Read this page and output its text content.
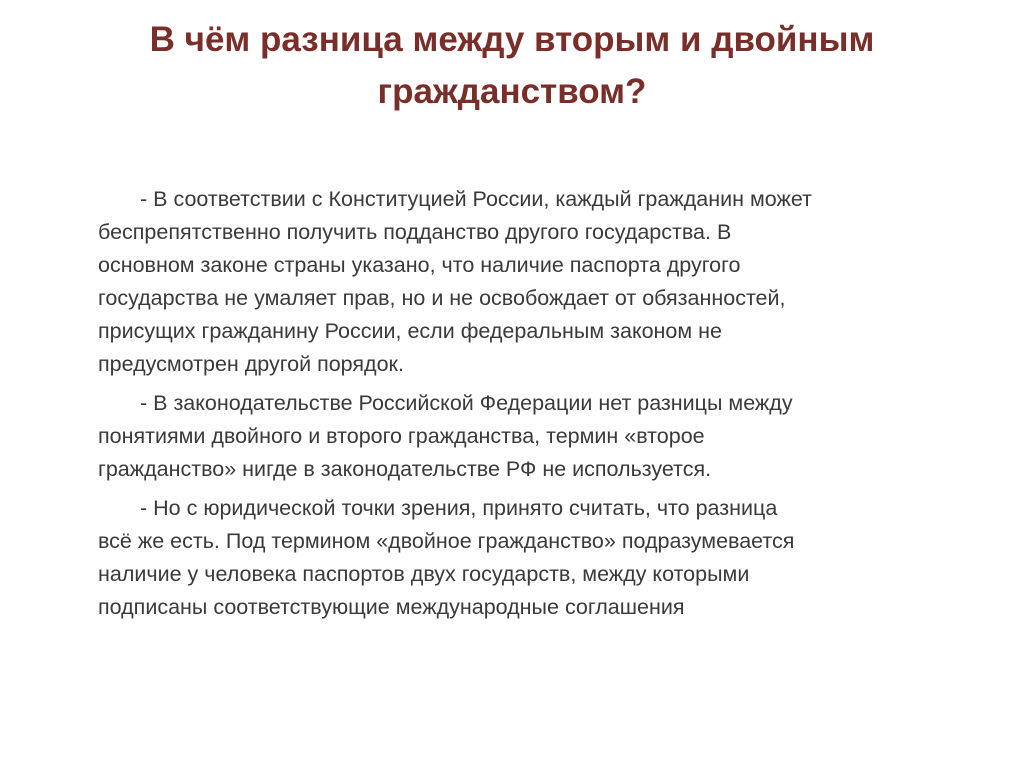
В чём разница между вторым и двойным
гражданством?

- В соответствии с Конституцией России, каждый гражданин может
беспрепятственно получить подданство другого государства. В
основном законе страны указано, что наличие паспорта другого
государства не умаляет прав, но и не освобождает от обязанностей,
присущих гражданину России, если федеральным законом не
предусмотрен другой порядок.

- В законодательстве Российской Федерации нет разницы между
понятиями двойного и второго гражданства, термин «второе
гражданство» нигде в законодательстве РФ не используется.

- Но с юридической точки зрения, принято считать, что разница
всё же есть. Под термином «двойное гражданство» подразумевается
наличие у человека паспортов двух государств, между которыми
подписаны соответствующие международные соглашения
